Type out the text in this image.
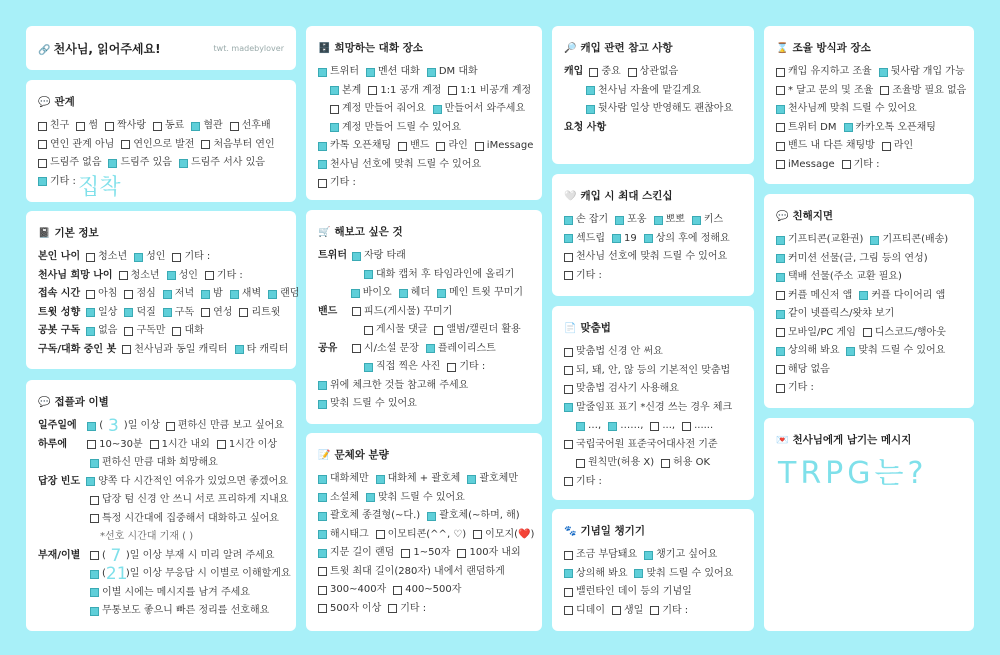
🔗 천사님, 읽어주세요!	twt. madebylover
💬 관계
친구 썸 짝사랑 동료 혐관 선후배
연인 관계 아님 연인으로 발전 처음부터 연인
드림주 없음 드림주 있음 드림주 서사 있음
기타 : 집착
📓 기본 정보
본인 나이 청소년 성인 기타 :
천사님 희망 나이 청소년 성인 기타 :
접속 시간 아침 점심 저녁 밤 새벽 랜덤
트윗 성향 일상 덕질 구독 연성 리트윗
공봇 구독 없음 구독만 대화
구독/대화 중인 봇 천사님과 동일 캐릭터 타 캐릭터
💬 접플과 이별
일주일에	( 3 )일 이상 편하신 만큼 보고 싶어요
하루에	10~30분 1시간 내외 1시간 이상
편하신 만큼 대화 희망해요
답장 빈도 양쪽 다 시간적인 여유가 있었으면 좋겠어요
답장 텀 신경 안 쓰니 서로 프리하게 지내요
특정 시간대에 집중해서 대화하고 싶어요
*선호 시간대 기재 ( )
부재/이별	( 7 )일 이상 부재 시 미리 알려 주세요
( 21
)일 이상 무응답 시 이별로 이해할게요
이별 시에는 메시지를 남겨 주세요
무통보도 좋으니 빠른 정리를 선호해요
🗄️ 희망하는 대화 장소
트위터 멘션 대화 DM 대화
본계 1:1 공개 계정 1:1 비공개 계정
계정 만들어 줘어요 만들어서 와주세요
계정 만들어 드릴 수 있어요
카톡 오픈채팅 밴드 라인 iMessage
천사님 선호에 맞춰 드릴 수 있어요
기타 :
🛒 해보고 싶은 것
트위터 자랑 타래
대화 캡처 후 타임라인에 올리기
바이오 헤더 메인 트윗 꾸미기
밴드	피드(게시물) 꾸미기
게시물 댓글 앨범/캘린더 활용
공유	시/소설 문장 플레이리스트
직접 찍은 사진 기타 :
위에 체크한 것들 참고해 주세요
맞춰 드릴 수 있어요
📝 문체와 분량
대화체만 대화체 + 괄호체 괄호체만
소설체 맞춰 드릴 수 있어요
괄호체 종결형(~다.) 괄호체(~하며, 해)
해시태그 이모티콘(^^, ♡) 이모지(❤️)
지문 길이 랜덤 1~50자 100자 내외
트윗 최대 길이(280자) 내에서 랜덤하게
300~400자 400~500자
500자 이상 기타 :
🔎 캐입 관련 참고 사항
캐입 중요 상관없음
천사님 자율에 맡길게요
뒷사람 일상 반영해도 괜찮아요
요청 사항
🤍 캐입 시 최대 스킨십
손 잡기 포옹 뽀뽀 키스
섹드립 19 상의 후에 정해요
천사님 선호에 맞춰 드릴 수 있어요
기타 :
📄 맞춤법
맞춤법 신경 안 써요
되, 돼, 안, 않 등의 기본적인 맞춤법
맞춤법 검사기 사용해요
말줄임표 표기 *신경 쓰는 경우 체크
…, ……, ..., ......
국립국어원 표준국어대사전 기준
원칙만(허용 X) 허용 OK
기타 :
🐾 기념일 챙기기
조금 부담돼요 챙기고 싶어요
상의해 봐요 맞춰 드릴 수 있어요
밸런타인 데이 등의 기념일
디데이 생일 기타 :
⌛ 조율 방식과 장소
캐입 유지하고 조율 뒷사람 개입 가능
* 달고 문의 및 조율 조율방 필요 없음
천사님께 맞춰 드릴 수 있어요
트위터 DM 카카오톡 오픈채팅
밴드 내 다른 채팅방 라인
iMessage 기타 :
💬 친해지면
기프티콘(교환권) 기프티콘(배송)
커미션 선물(글, 그림 등의 연성)
택배 선물(주소 교환 필요)
커플 메신저 앱 커플 다이어리 앱
같이 넷플릭스/왓챠 보기
모바일/PC 게임 디스코드/행아웃
상의해 봐요 맞춰 드릴 수 있어요
해당 없음
기타 :
💌 천사님에게 남기는 메시지
TRPG는?
